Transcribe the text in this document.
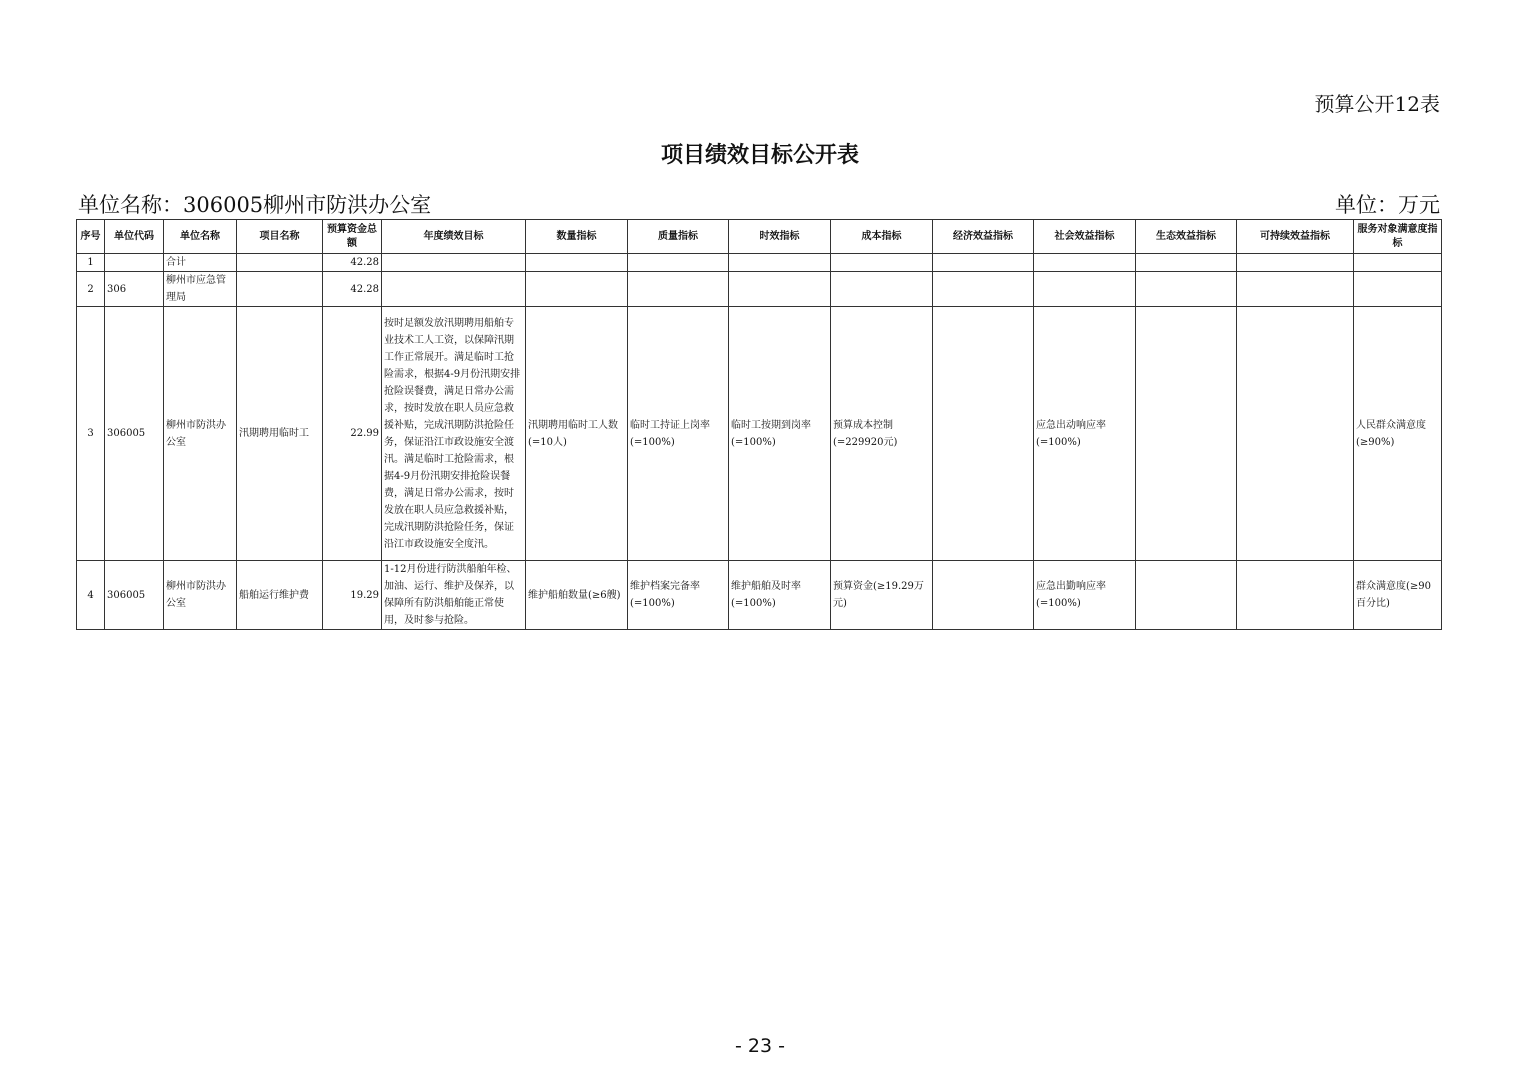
预算公开12表
项目绩效目标公开表
单位名称：306005柳州市防洪办公室	单位：万元
序号	单位代码	单位名称	项目名称	预算资金总额	年度绩效目标	数量指标	质量指标	时效指标	成本指标	经济效益指标	社会效益指标	生态效益指标	可持续效益指标	服务对象满意度指标
1		合计		42.28										
2	306	柳州市应急管理局		42.28										
3	306005	柳州市防洪办公室	汛期聘用临时工	22.99	按时足额发放汛期聘用船舶专业技术工人工资，以保障汛期工作正常展开。满足临时工抢险需求，根据4-9月份汛期安排抢险误餐费，满足日常办公需求，按时发放在职人员应急救援补贴，完成汛期防洪抢险任务，保证沿江市政设施安全渡汛。满足临时工抢险需求，根据4-9月份汛期安排抢险误餐费，满足日常办公需求，按时发放在职人员应急救援补贴，完成汛期防洪抢险任务，保证沿江市政设施安全度汛。	汛期聘用临时工人数(=10人)	临时工持证上岗率(=100%)	临时工按期到岗率(=100%)	预算成本控制(=229920元)		应急出动响应率(=100%)			人民群众满意度(≥90%)
4	306005	柳州市防洪办公室	船舶运行维护费	19.29	1-12月份进行防洪船舶年检、加油、运行、维护及保养，以保障所有防洪船舶能正常使用，及时参与抢险。	维护船舶数量(≥6艘)	维护档案完备率(=100%)	维护船舶及时率(=100%)	预算资金(≥19.29万元)		应急出勤响应率(=100%)			群众满意度(≥90百分比)
- 23 -
